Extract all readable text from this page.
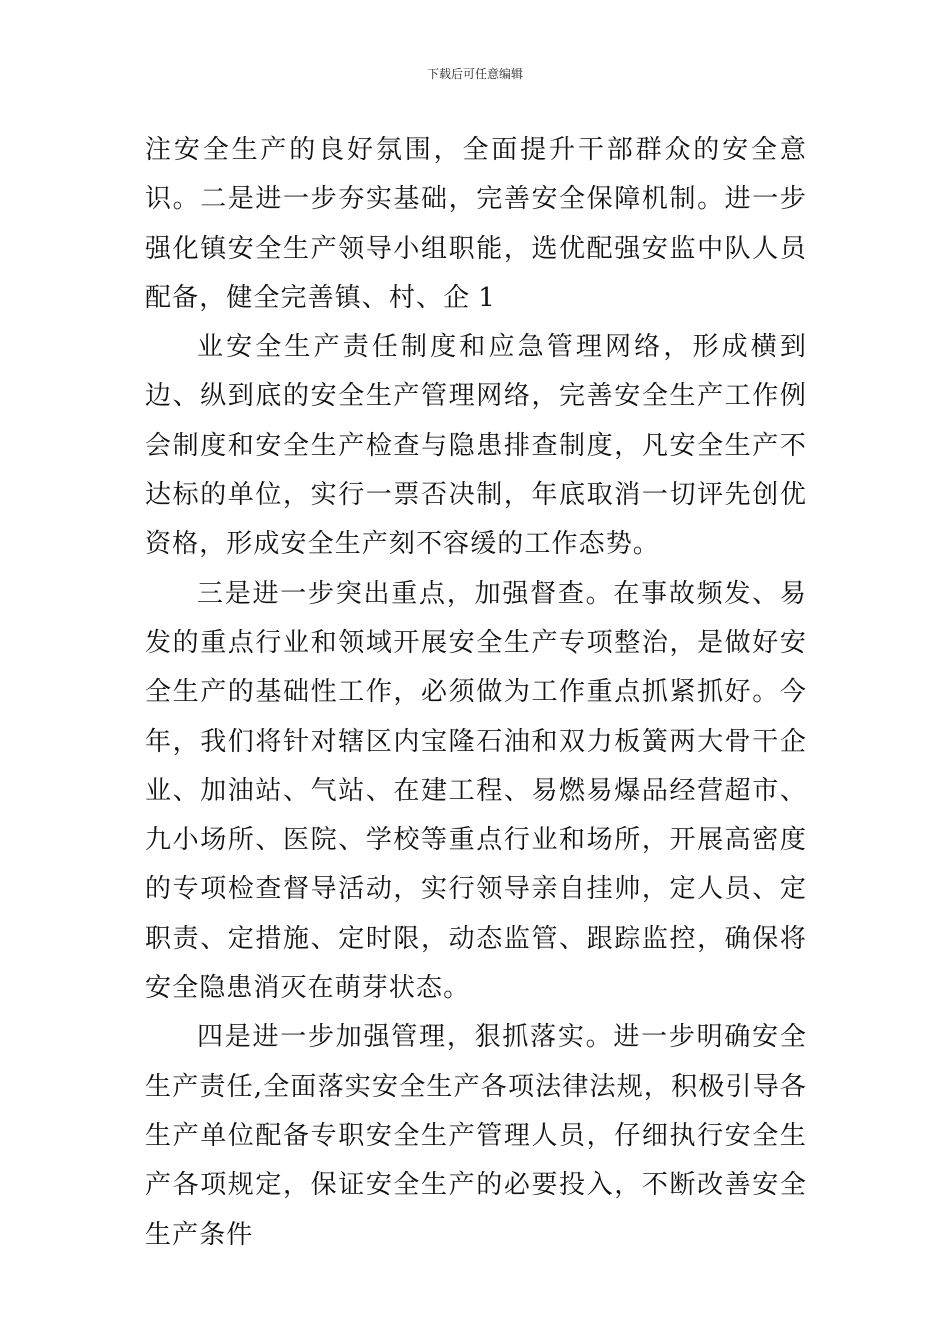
下载后可任意编辑

注安全生产的良好氛围，全面提升干部群众的安全意识。二是进一步夯实基础，完善安全保障机制。进一步强化镇安全生产领导小组职能，选优配强安监中队人员配备，健全完善镇、村、企 1

业安全生产责任制度和应急管理网络，形成横到边、纵到底的安全生产管理网络，完善安全生产工作例会制度和安全生产检查与隐患排查制度，凡安全生产不达标的单位，实行一票否决制，年底取消一切评先创优资格，形成安全生产刻不容缓的工作态势。

三是进一步突出重点，加强督查。在事故频发、易发的重点行业和领域开展安全生产专项整治，是做好安全生产的基础性工作，必须做为工作重点抓紧抓好。今年，我们将针对辖区内宝隆石油和双力板簧两大骨干企业、加油站、气站、在建工程、易燃易爆品经营超市、九小场所、医院、学校等重点行业和场所，开展高密度的专项检查督导活动，实行领导亲自挂帅，定人员、定职责、定措施、定时限，动态监管、跟踪监控，确保将安全隐患消灭在萌芽状态。

四是进一步加强管理，狠抓落实。进一步明确安全生产责任,全面落实安全生产各项法律法规，积极引导各生产单位配备专职安全生产管理人员，仔细执行安全生产各项规定，保证安全生产的必要投入，不断改善安全生产条件
